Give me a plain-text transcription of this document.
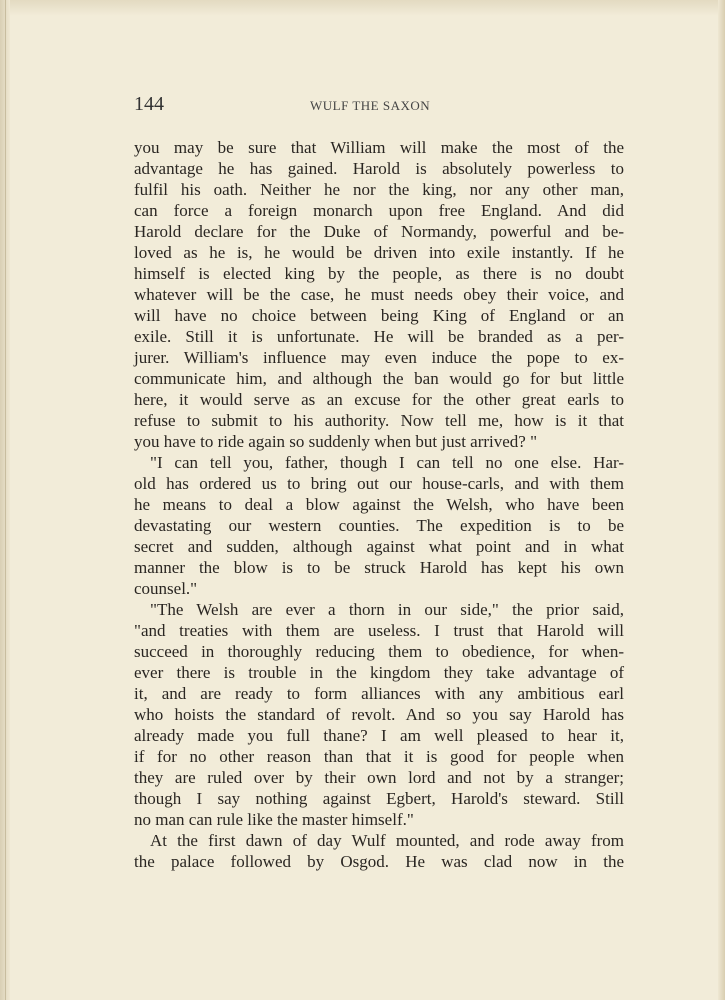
144	WULF THE SAXON
you may be sure that William will make the most of the
advantage he has gained. Harold is absolutely powerless to
fulfil his oath. Neither he nor the king, nor any other man,
can force a foreign monarch upon free England. And did
Harold declare for the Duke of Normandy, powerful and be-
loved as he is, he would be driven into exile instantly. If he
himself is elected king by the people, as there is no doubt
whatever will be the case, he must needs obey their voice, and
will have no choice between being King of England or an
exile. Still it is unfortunate. He will be branded as a per-
jurer. William's influence may even induce the pope to ex-
communicate him, and although the ban would go for but little
here, it would serve as an excuse for the other great earls to
refuse to submit to his authority. Now tell me, how is it that
you have to ride again so suddenly when but just arrived? "
"I can tell you, father, though I can tell no one else. Har-
old has ordered us to bring out our house-carls, and with them
he means to deal a blow against the Welsh, who have been
devastating our western counties. The expedition is to be
secret and sudden, although against what point and in what
manner the blow is to be struck Harold has kept his own
counsel."
"The Welsh are ever a thorn in our side," the prior said,
"and treaties with them are useless. I trust that Harold will
succeed in thoroughly reducing them to obedience, for when-
ever there is trouble in the kingdom they take advantage of
it, and are ready to form alliances with any ambitious earl
who hoists the standard of revolt. And so you say Harold has
already made you full thane? I am well pleased to hear it,
if for no other reason than that it is good for people when
they are ruled over by their own lord and not by a stranger;
though I say nothing against Egbert, Harold's steward. Still
no man can rule like the master himself."
At the first dawn of day Wulf mounted, and rode away from
the palace followed by Osgod. He was clad now in the
